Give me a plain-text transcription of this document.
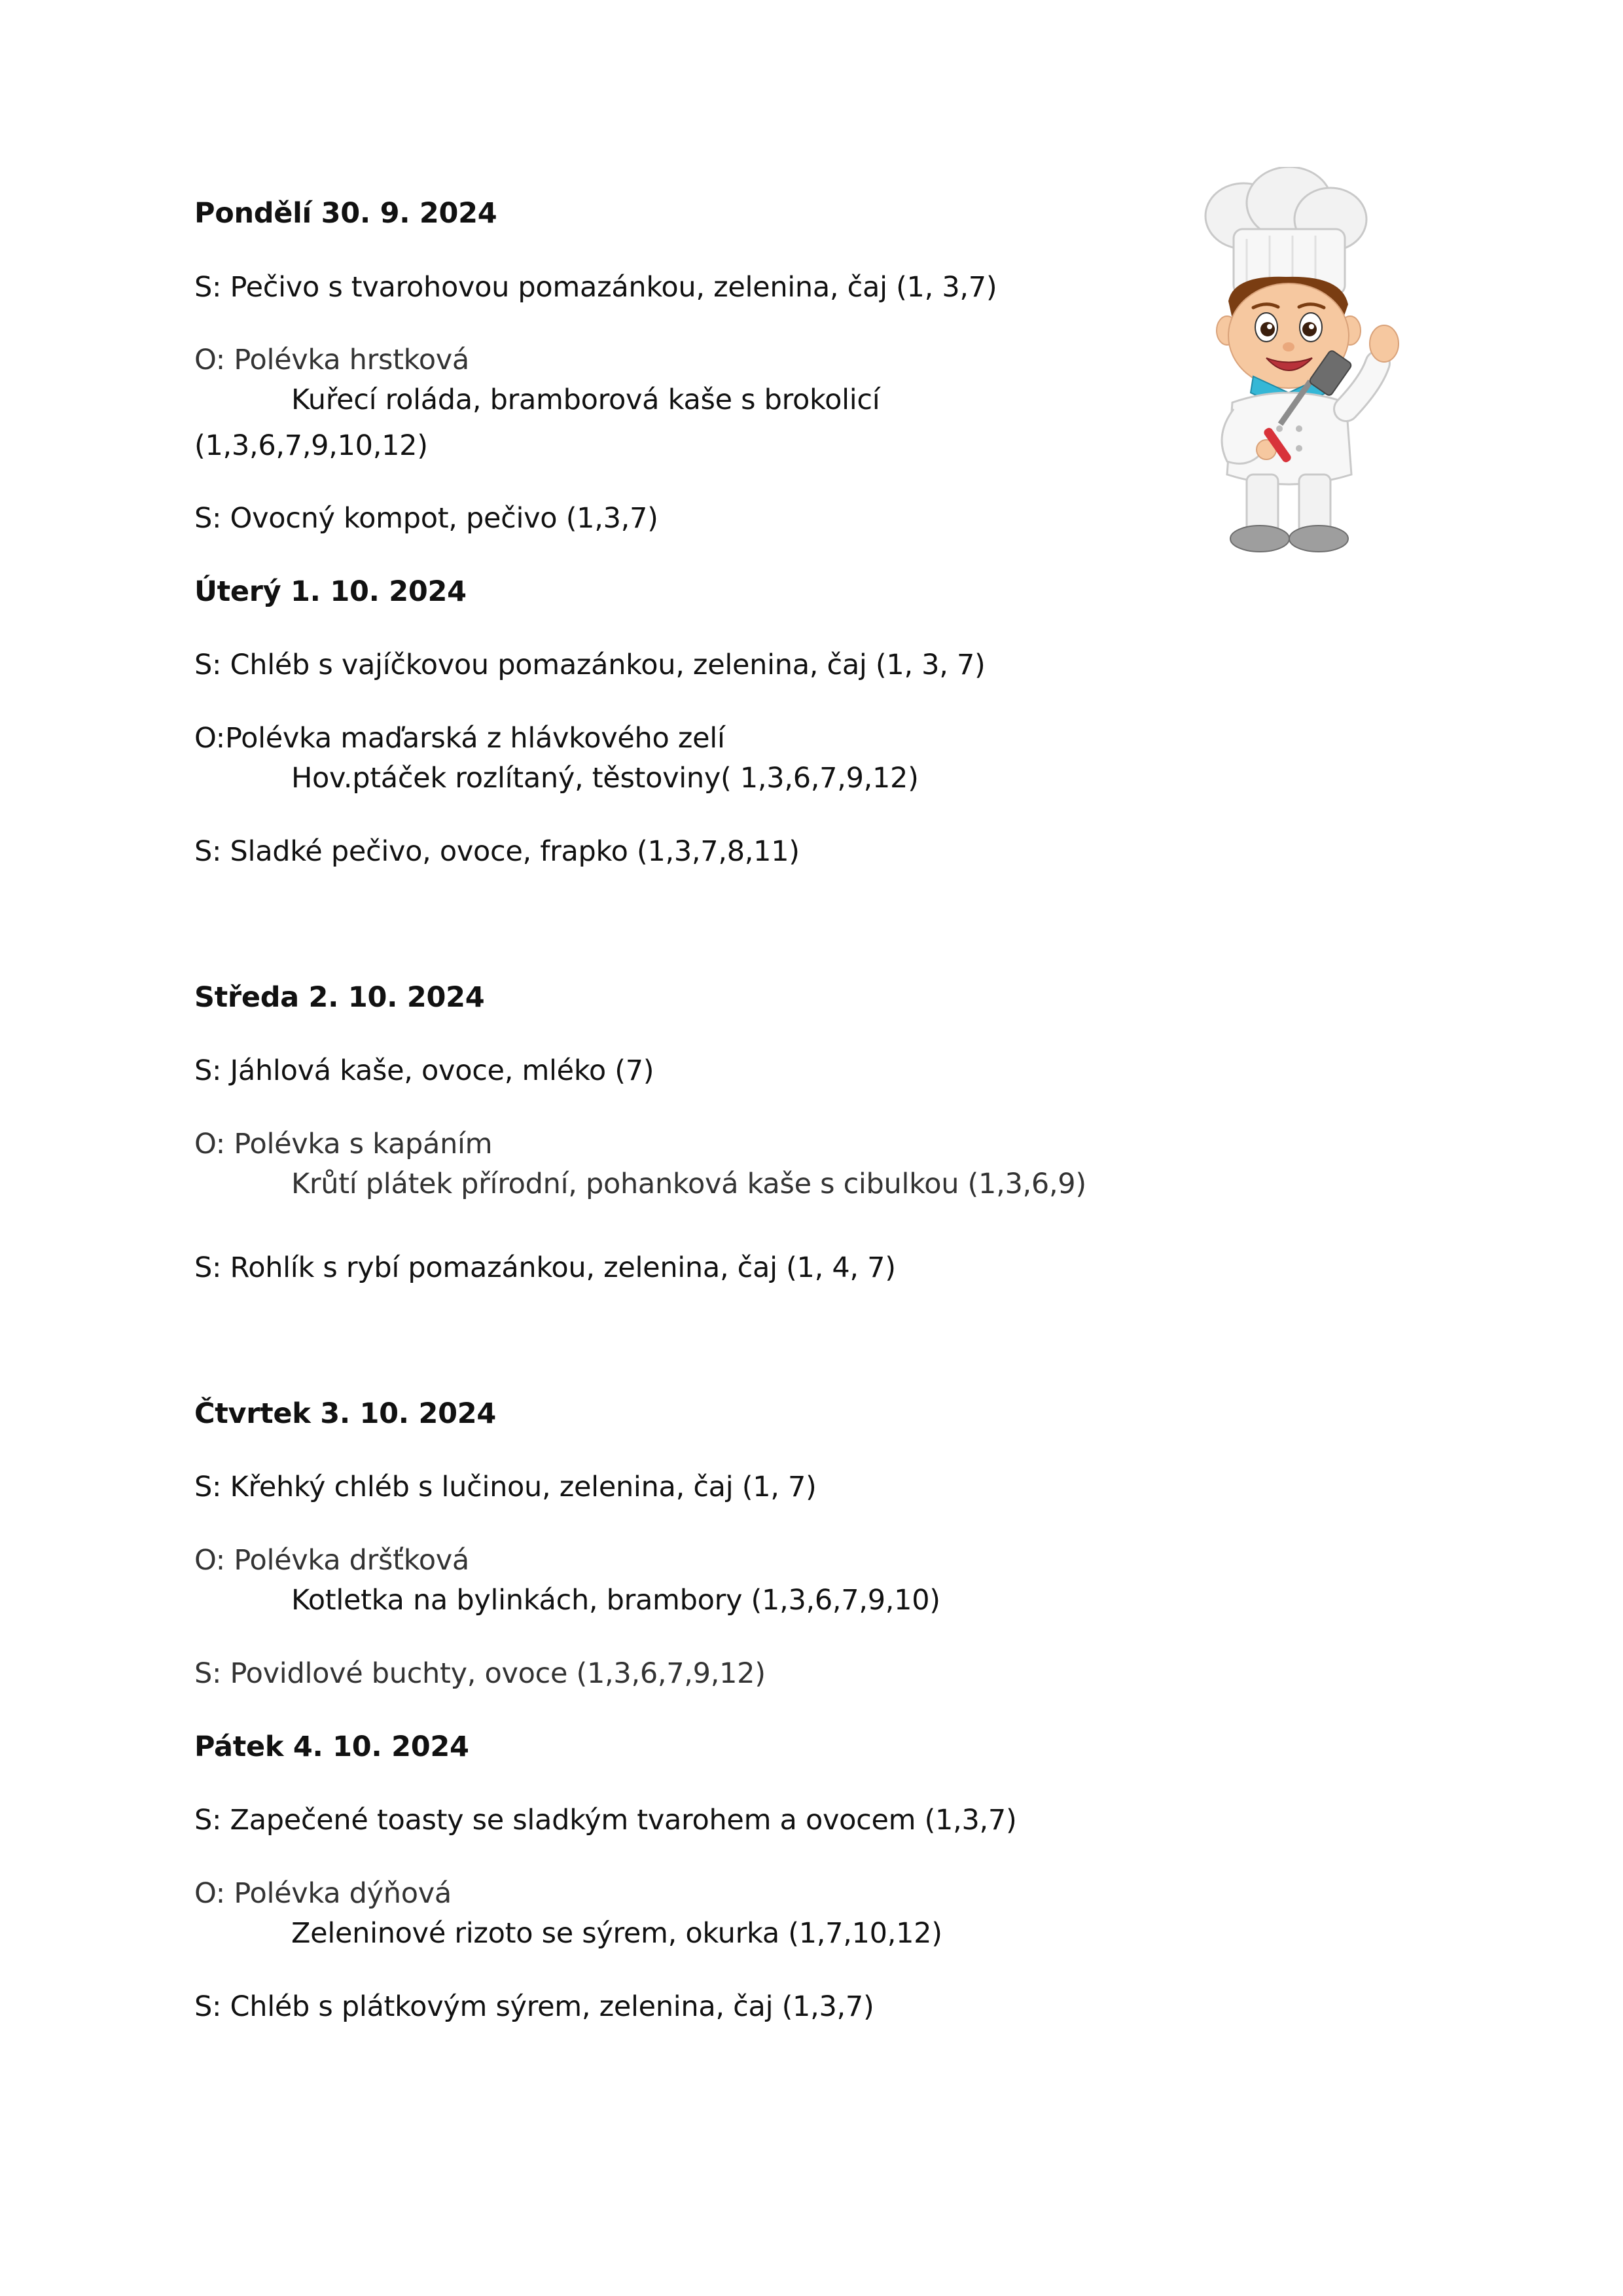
Pondělí 30. 9. 2024
S: Pečivo s tvarohovou pomazánkou, zelenina, čaj (1, 3,7)
O: Polévka hrstková
Kuřecí roláda, bramborová kaše s brokolicí
(1,3,6,7,9,10,12)
S: Ovocný kompot, pečivo (1,3,7)
Úterý 1. 10. 2024
S: Chléb s vajíčkovou pomazánkou, zelenina, čaj (1, 3, 7)
O:Polévka maďarská z hlávkového zelí
Hov.ptáček rozlítaný, těstoviny( 1,3,6,7,9,12)
S: Sladké pečivo, ovoce, frapko (1,3,7,8,11)
Středa 2. 10. 2024
S: Jáhlová kaše, ovoce, mléko (7)
O: Polévka s kapáním
Krůtí plátek přírodní, pohanková kaše s cibulkou (1,3,6,9)
S: Rohlík s rybí pomazánkou, zelenina, čaj (1, 4, 7)
Čtvrtek 3. 10. 2024
S: Křehký chléb s lučinou, zelenina, čaj (1, 7)
O: Polévka dršťková
Kotletka na bylinkách, brambory (1,3,6,7,9,10)
S: Povidlové buchty, ovoce (1,3,6,7,9,12)
Pátek 4. 10. 2024
S: Zapečené toasty se sladkým tvarohem a ovocem (1,3,7)
O: Polévka dýňová
Zeleninové rizoto se sýrem, okurka (1,7,10,12)
S: Chléb s plátkovým sýrem, zelenina, čaj (1,3,7)
